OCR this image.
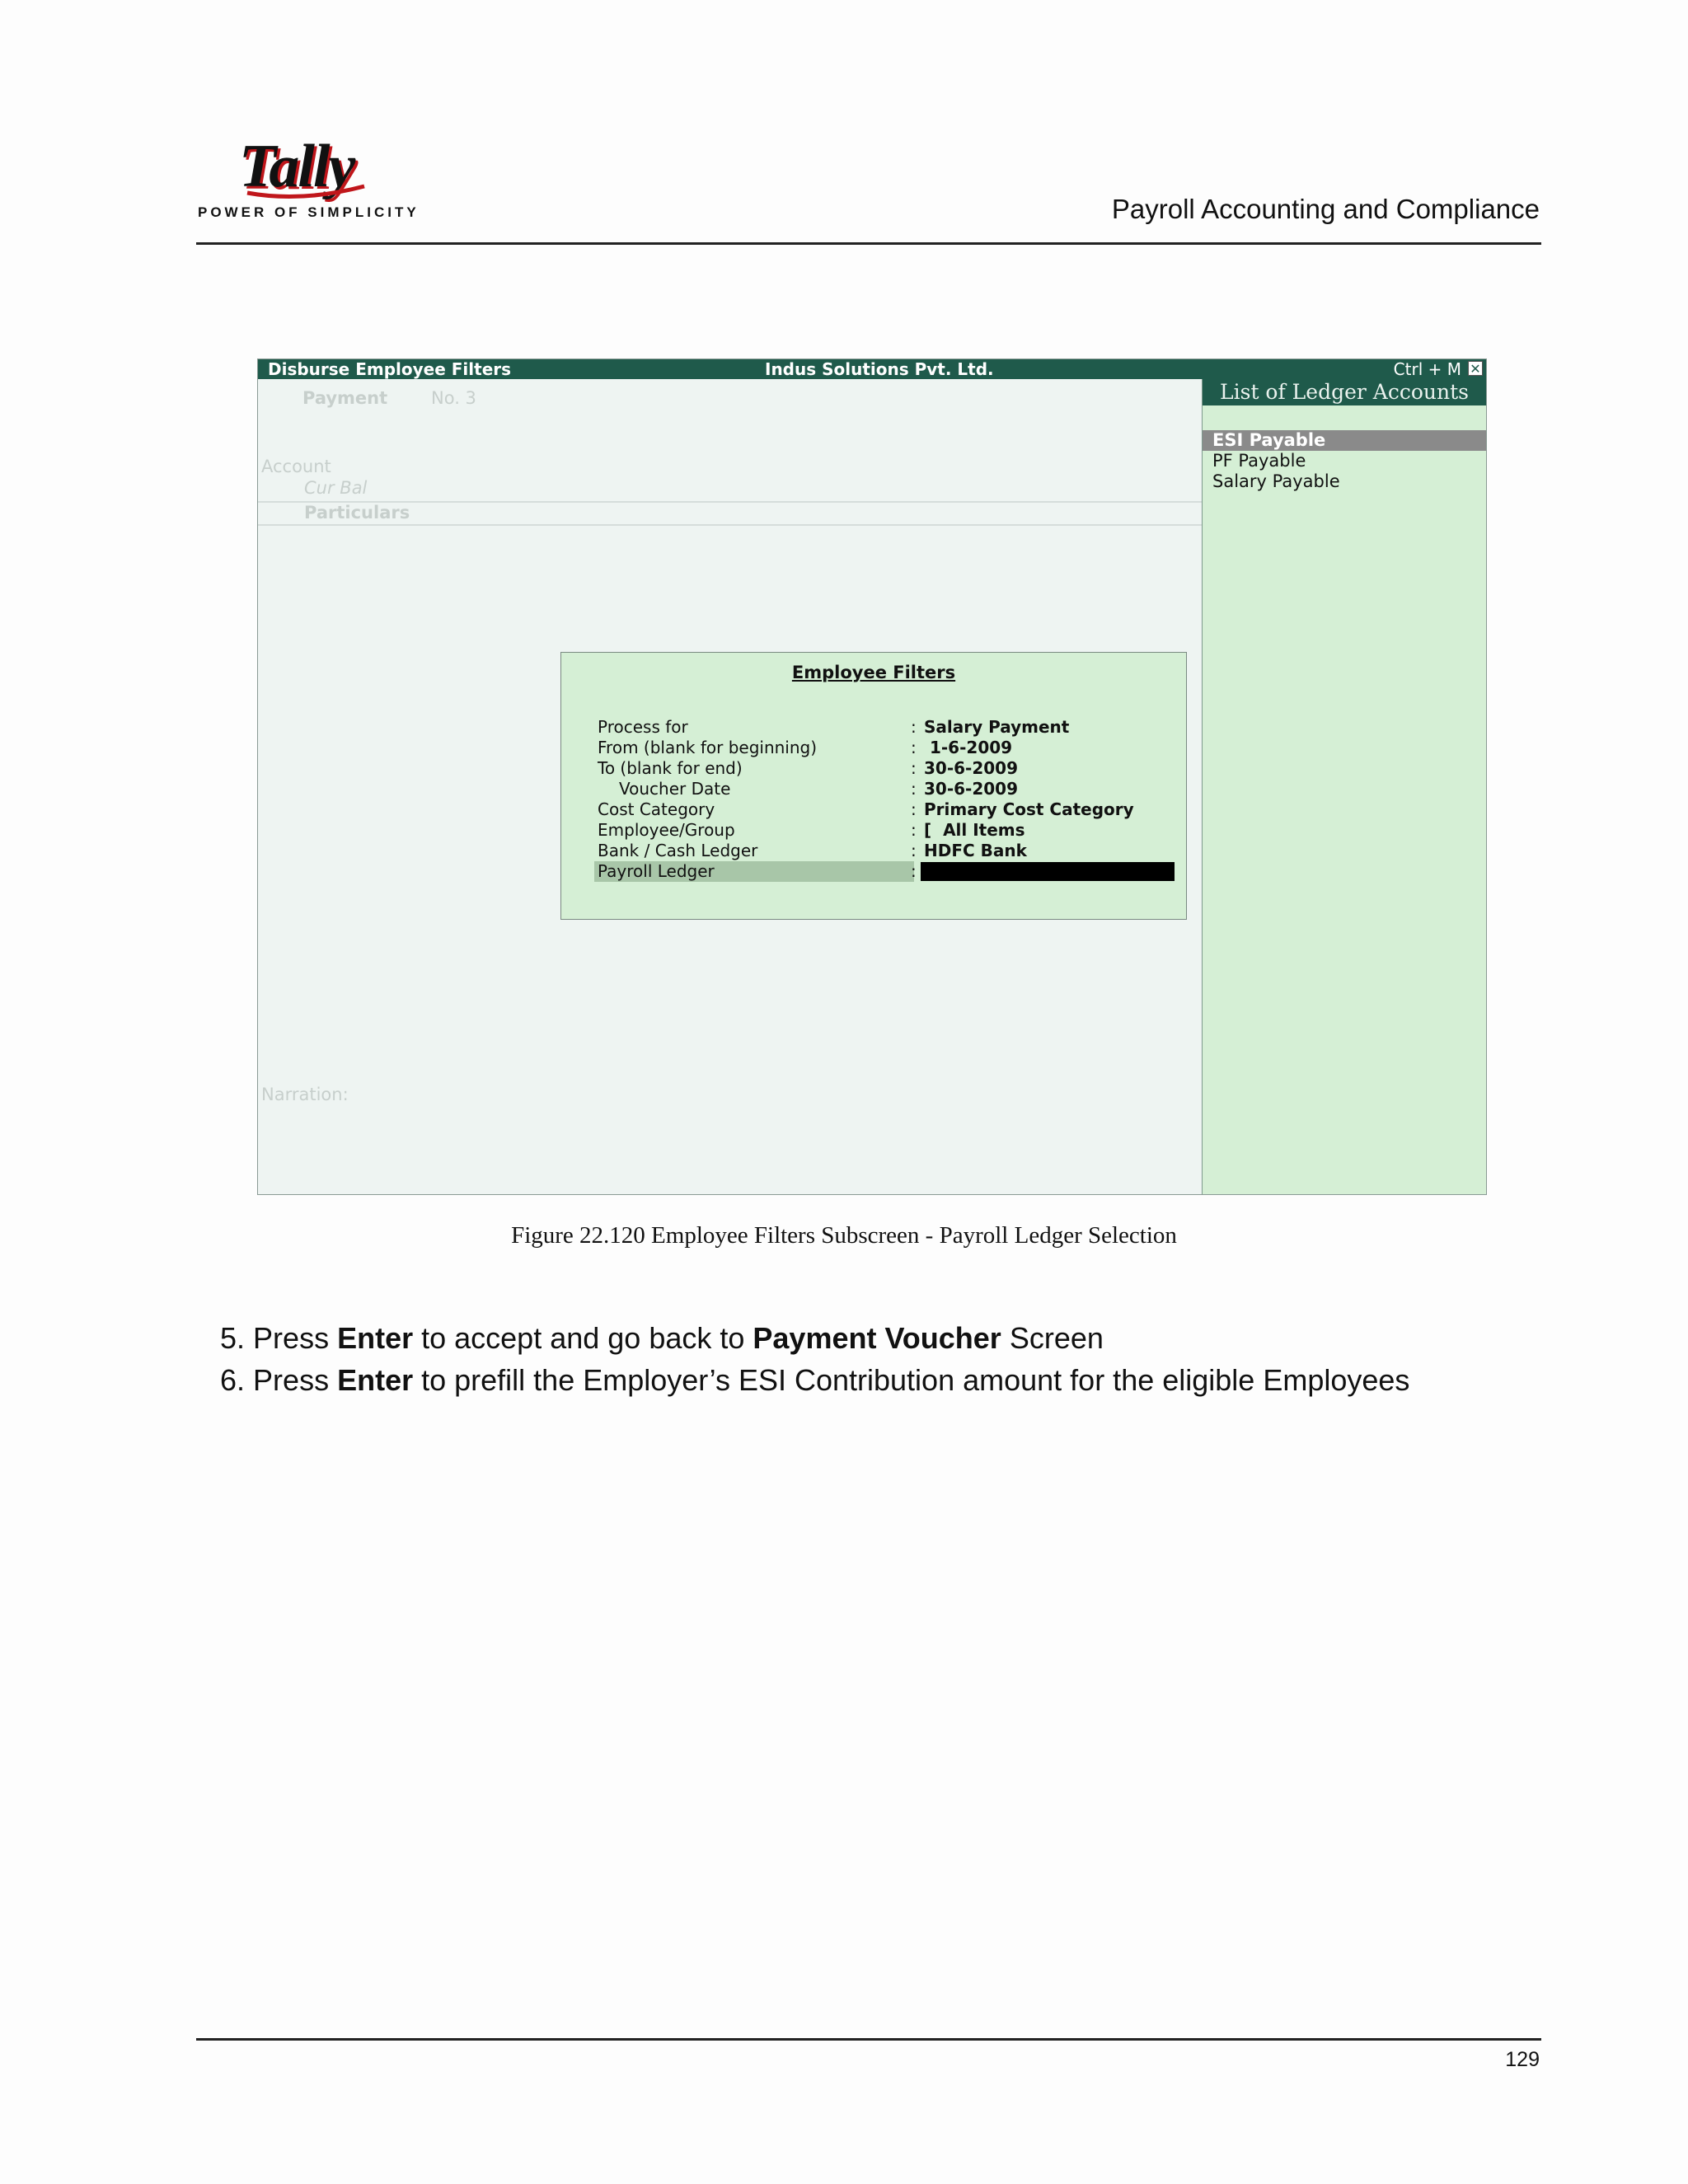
Tally
POWER OF SIMPLICITY	Payroll Accounting and Compliance
Disburse Employee Filters	Indus Solutions Pvt. Ltd.	Ctrl + M ✕
Payment	No. 3
Account
Cur Bal
Particulars
Narration:
List of Ledger Accounts
ESI Payable
PF Payable
Salary Payable
Employee Filters
Process for	: Salary Payment
From (blank for beginning)	: 1-6-2009
To (blank for end)	: 30-6-2009
Voucher Date	: 30-6-2009
Cost Category	: Primary Cost Category
Employee/Group	: [  All Items
Bank / Cash Ledger	: HDFC Bank
Payroll Ledger	:
Figure 22.120 Employee Filters Subscreen - Payroll Ledger Selection
5. Press Enter to accept and go back to Payment Voucher Screen
6. Press Enter to prefill the Employer’s ESI Contribution amount for the eligible Employees
129
